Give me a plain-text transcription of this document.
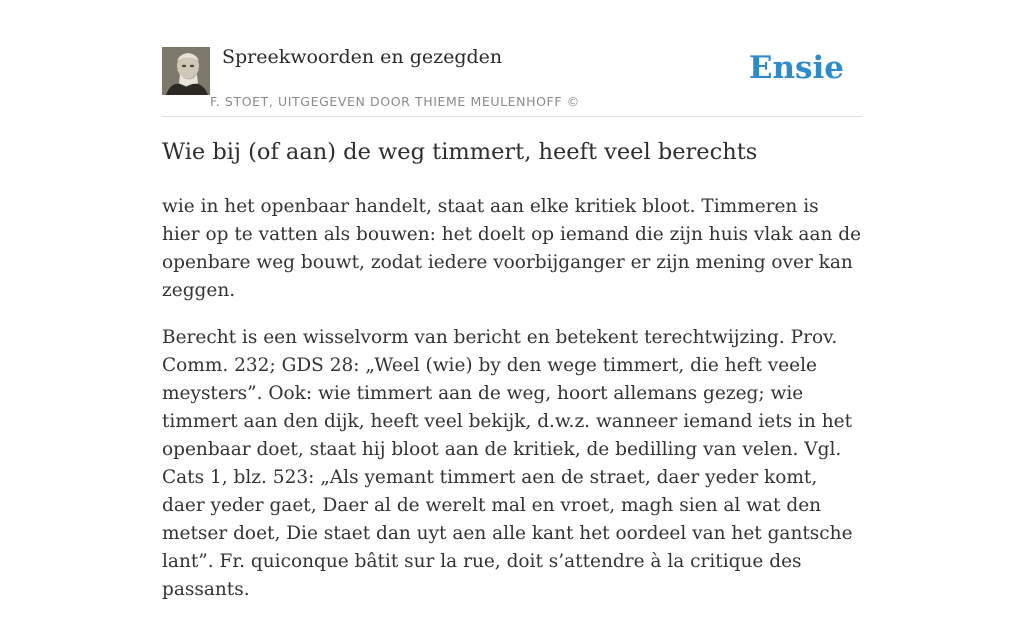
Spreekwoorden en gezegden
F. STOET, UITGEGEVEN DOOR THIEME MEULENHOFF ©
Ensie
Wie bij (of aan) de weg timmert, heeft veel berechts

wie in het openbaar handelt, staat aan elke kritiek bloot. Timmeren is hier op te vatten als bouwen: het doelt op iemand die zijn huis vlak aan de openbare weg bouwt, zodat iedere voorbijganger er zijn mening over kan zeggen.

Berecht is een wisselvorm van bericht en betekent terechtwijzing. Prov. Comm. 232; GDS 28: „Weel (wie) by den wege timmert, die heft veele meysters”. Ook: wie timmert aan de weg, hoort allemans gezeg; wie timmert aan den dijk, heeft veel bekijk, d.w.z. wanneer iemand iets in het openbaar doet, staat hij bloot aan de kritiek, de bedilling van velen. Vgl. Cats 1, blz. 523: „Als yemant timmert aen de straet, daer yeder komt, daer yeder gaet, Daer al de werelt mal en vroet, magh sien al wat den metser doet, Die staet dan uyt aen alle kant het oordeel van het gantsche lant”. Fr. quiconque bâtit sur la rue, doit s’attendre à la critique des passants.
